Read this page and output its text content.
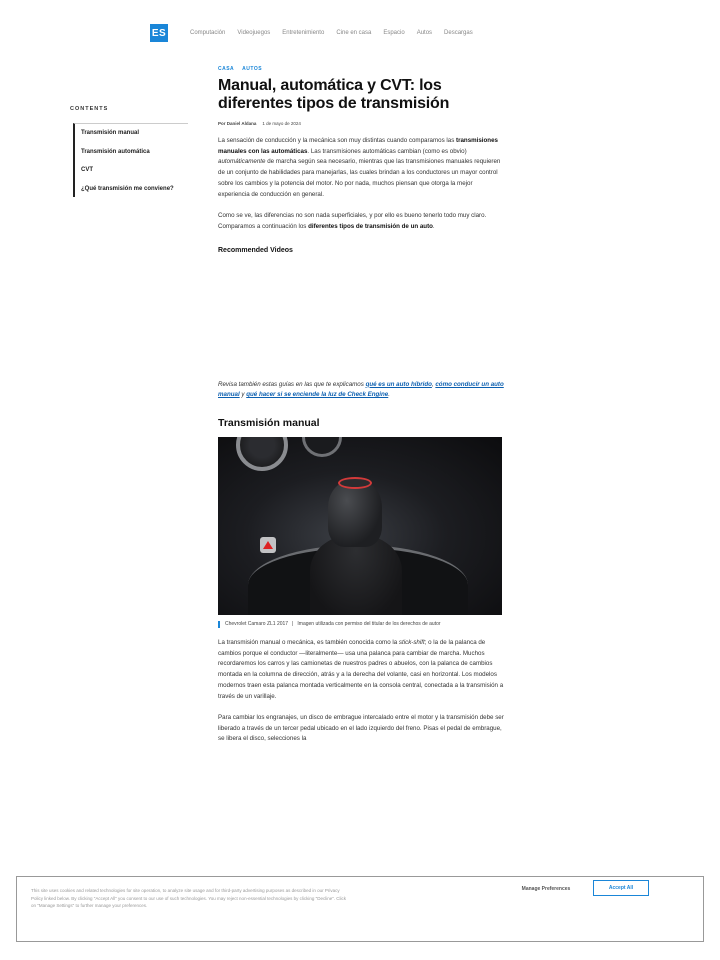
ES	Computación Videojuegos Entretenimiento Cine en casa Espacio Autos Descargas
CONTENTS
Transmisión manual
Transmisión automática
CVT
¿Qué transmisión me conviene?
CASA AUTOS
Manual, automática y CVT: los diferentes tipos de transmisión
Por Daniel Aldana 1 de mayo de 2024

La sensación de conducción y la mecánica son muy distintas cuando comparamos las transmisiones manuales con las automáticas. Las transmisiones automáticas cambian (como es obvio) automáticamente de marcha según sea necesario, mientras que las transmisiones manuales requieren de un conjunto de habilidades para manejarlas, las cuales brindan a los conductores un mayor control sobre los cambios y la potencia del motor. No por nada, muchos piensan que otorga la mejor experiencia de conducción en general.

Como se ve, las diferencias no son nada superficiales, y por ello es bueno tenerlo todo muy claro. Comparamos a continuación los diferentes tipos de transmisión de un auto.

Recommended Videos

Revisa también estas guías en las que te explicamos qué es un auto híbrido, cómo conducir un auto manual y qué hacer si se enciende la luz de Check Engine.

Transmisión manual
Chevrolet Camaro ZL1 2017 | Imagen utilizada con permiso del titular de los derechos de autor

La transmisión manual o mecánica, es también conocida como la stick-shift; o la de la palanca de cambios porque el conductor —literalmente— usa una palanca para cambiar de marcha. Muchos recordaremos los carros y las camionetas de nuestros padres o abuelos, con la palanca de cambios montada en la columna de dirección, atrás y a la derecha del volante, casi en horizontal. Los modelos modernos traen esta palanca montada verticalmente en la consola central, conectada a la transmisión a través de un varillaje.

Para cambiar los engranajes, un disco de embrague intercalado entre el motor y la transmisión debe ser liberado a través de un tercer pedal ubicado en el lado izquierdo del freno. Pisas el pedal de embrague, se libera el disco, selecciones la

This site uses cookies and related technologies for site operation, to analyze site usage and for third-party advertising purposes as described in our Privacy Policy linked below. By clicking "Accept All" you consent to our use of such technologies. You may reject non-essential technologies by clicking "Decline". Click on "Manage Settings" to further manage your preferences.
Manage Preferences	Accept All
